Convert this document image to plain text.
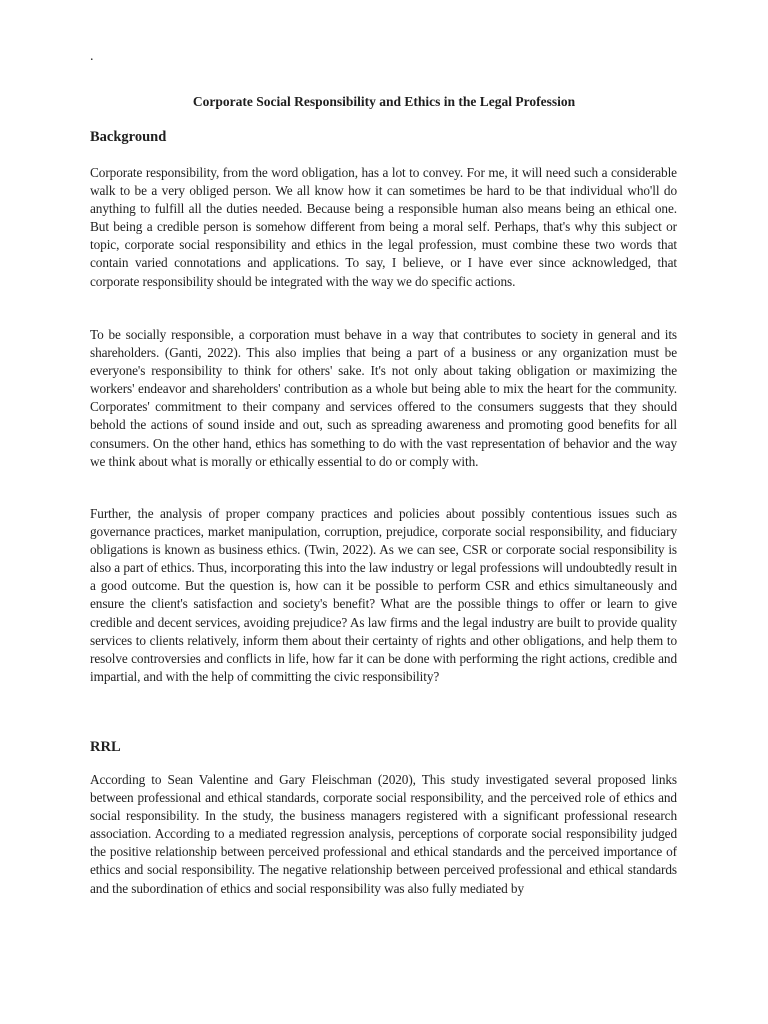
.
Corporate Social Responsibility and Ethics in the Legal Profession
Background

Corporate responsibility, from the word obligation, has a lot to convey. For me, it will need such a considerable walk to be a very obliged person. We all know how it can sometimes be hard to be that individual who'll do anything to fulfill all the duties needed. Because being a responsible human also means being an ethical one. But being a credible person is somehow different from being a moral self. Perhaps, that's why this subject or topic, corporate social responsibility and ethics in the legal profession, must combine these two words that contain varied connotations and applications. To say, I believe, or I have ever since acknowledged, that corporate responsibility should be integrated with the way we do specific actions.

To be socially responsible, a corporation must behave in a way that contributes to society in general and its shareholders. (Ganti, 2022). This also implies that being a part of a business or any organization must be everyone's responsibility to think for others' sake. It's not only about taking obligation or maximizing the workers' endeavor and shareholders' contribution as a whole but being able to mix the heart for the community. Corporates' commitment to their company and services offered to the consumers suggests that they should behold the actions of sound inside and out, such as spreading awareness and promoting good benefits for all consumers. On the other hand, ethics has something to do with the vast representation of behavior and the way we think about what is morally or ethically essential to do or comply with.

Further, the analysis of proper company practices and policies about possibly contentious issues such as governance practices, market manipulation, corruption, prejudice, corporate social responsibility, and fiduciary obligations is known as business ethics. (Twin, 2022). As we can see, CSR or corporate social responsibility is also a part of ethics. Thus, incorporating this into the law industry or legal professions will undoubtedly result in a good outcome. But the question is, how can it be possible to perform CSR and ethics simultaneously and ensure the client's satisfaction and society's benefit? What are the possible things to offer or learn to give credible and decent services, avoiding prejudice? As law firms and the legal industry are built to provide quality services to clients relatively, inform them about their certainty of rights and other obligations, and help them to resolve controversies and conflicts in life, how far it can be done with performing the right actions, credible and impartial, and with the help of committing the civic responsibility?

RRL

According to Sean Valentine and Gary Fleischman (2020), This study investigated several proposed links between professional and ethical standards, corporate social responsibility, and the perceived role of ethics and social responsibility. In the study, the business managers registered with a significant professional research association. According to a mediated regression analysis, perceptions of corporate social responsibility judged the positive relationship between perceived professional and ethical standards and the perceived importance of ethics and social responsibility. The negative relationship between perceived professional and ethical standards and the subordination of ethics and social responsibility was also fully mediated by
